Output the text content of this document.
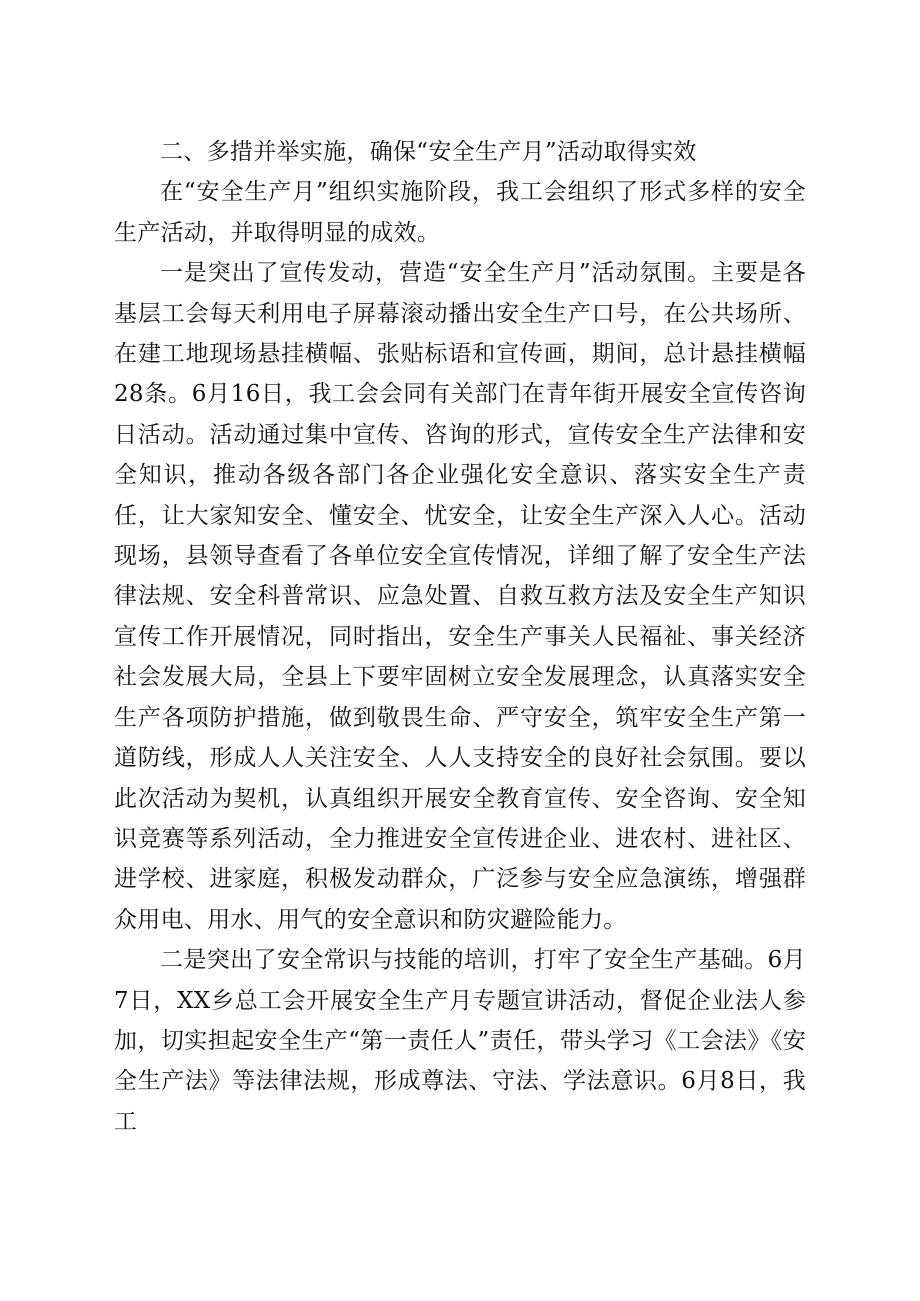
二、多措并举实施，确保“安全生产月”活动取得实效

在“安全生产月”组织实施阶段，我工会组织了形式多样的安全生产活动，并取得明显的成效。

一是突出了宣传发动，营造“安全生产月”活动氛围。主要是各基层工会每天利用电子屏幕滚动播出安全生产口号，在公共场所、在建工地现场悬挂横幅、张贴标语和宣传画，期间，总计悬挂横幅28条。6月16日，我工会会同有关部门在青年街开展安全宣传咨询日活动。活动通过集中宣传、咨询的形式，宣传安全生产法律和安全知识，推动各级各部门各企业强化安全意识、落实安全生产责任，让大家知安全、懂安全、忧安全，让安全生产深入人心。活动现场，县领导查看了各单位安全宣传情况，详细了解了安全生产法律法规、安全科普常识、应急处置、自救互救方法及安全生产知识宣传工作开展情况，同时指出，安全生产事关人民福祉、事关经济社会发展大局，全县上下要牢固树立安全发展理念，认真落实安全生产各项防护措施，做到敬畏生命、严守安全，筑牢安全生产第一道防线，形成人人关注安全、人人支持安全的良好社会氛围。要以此次活动为契机，认真组织开展安全教育宣传、安全咨询、安全知识竞赛等系列活动，全力推进安全宣传进企业、进农村、进社区、进学校、进家庭，积极发动群众，广泛参与安全应急演练，增强群众用电、用水、用气的安全意识和防灾避险能力。

二是突出了安全常识与技能的培训，打牢了安全生产基础。6月7日，XX乡总工会开展安全生产月专题宣讲活动，督促企业法人参加，切实担起安全生产“第一责任人”责任，带头学习《工会法》《安全生产法》等法律法规，形成尊法、守法、学法意识。6月8日，我工
